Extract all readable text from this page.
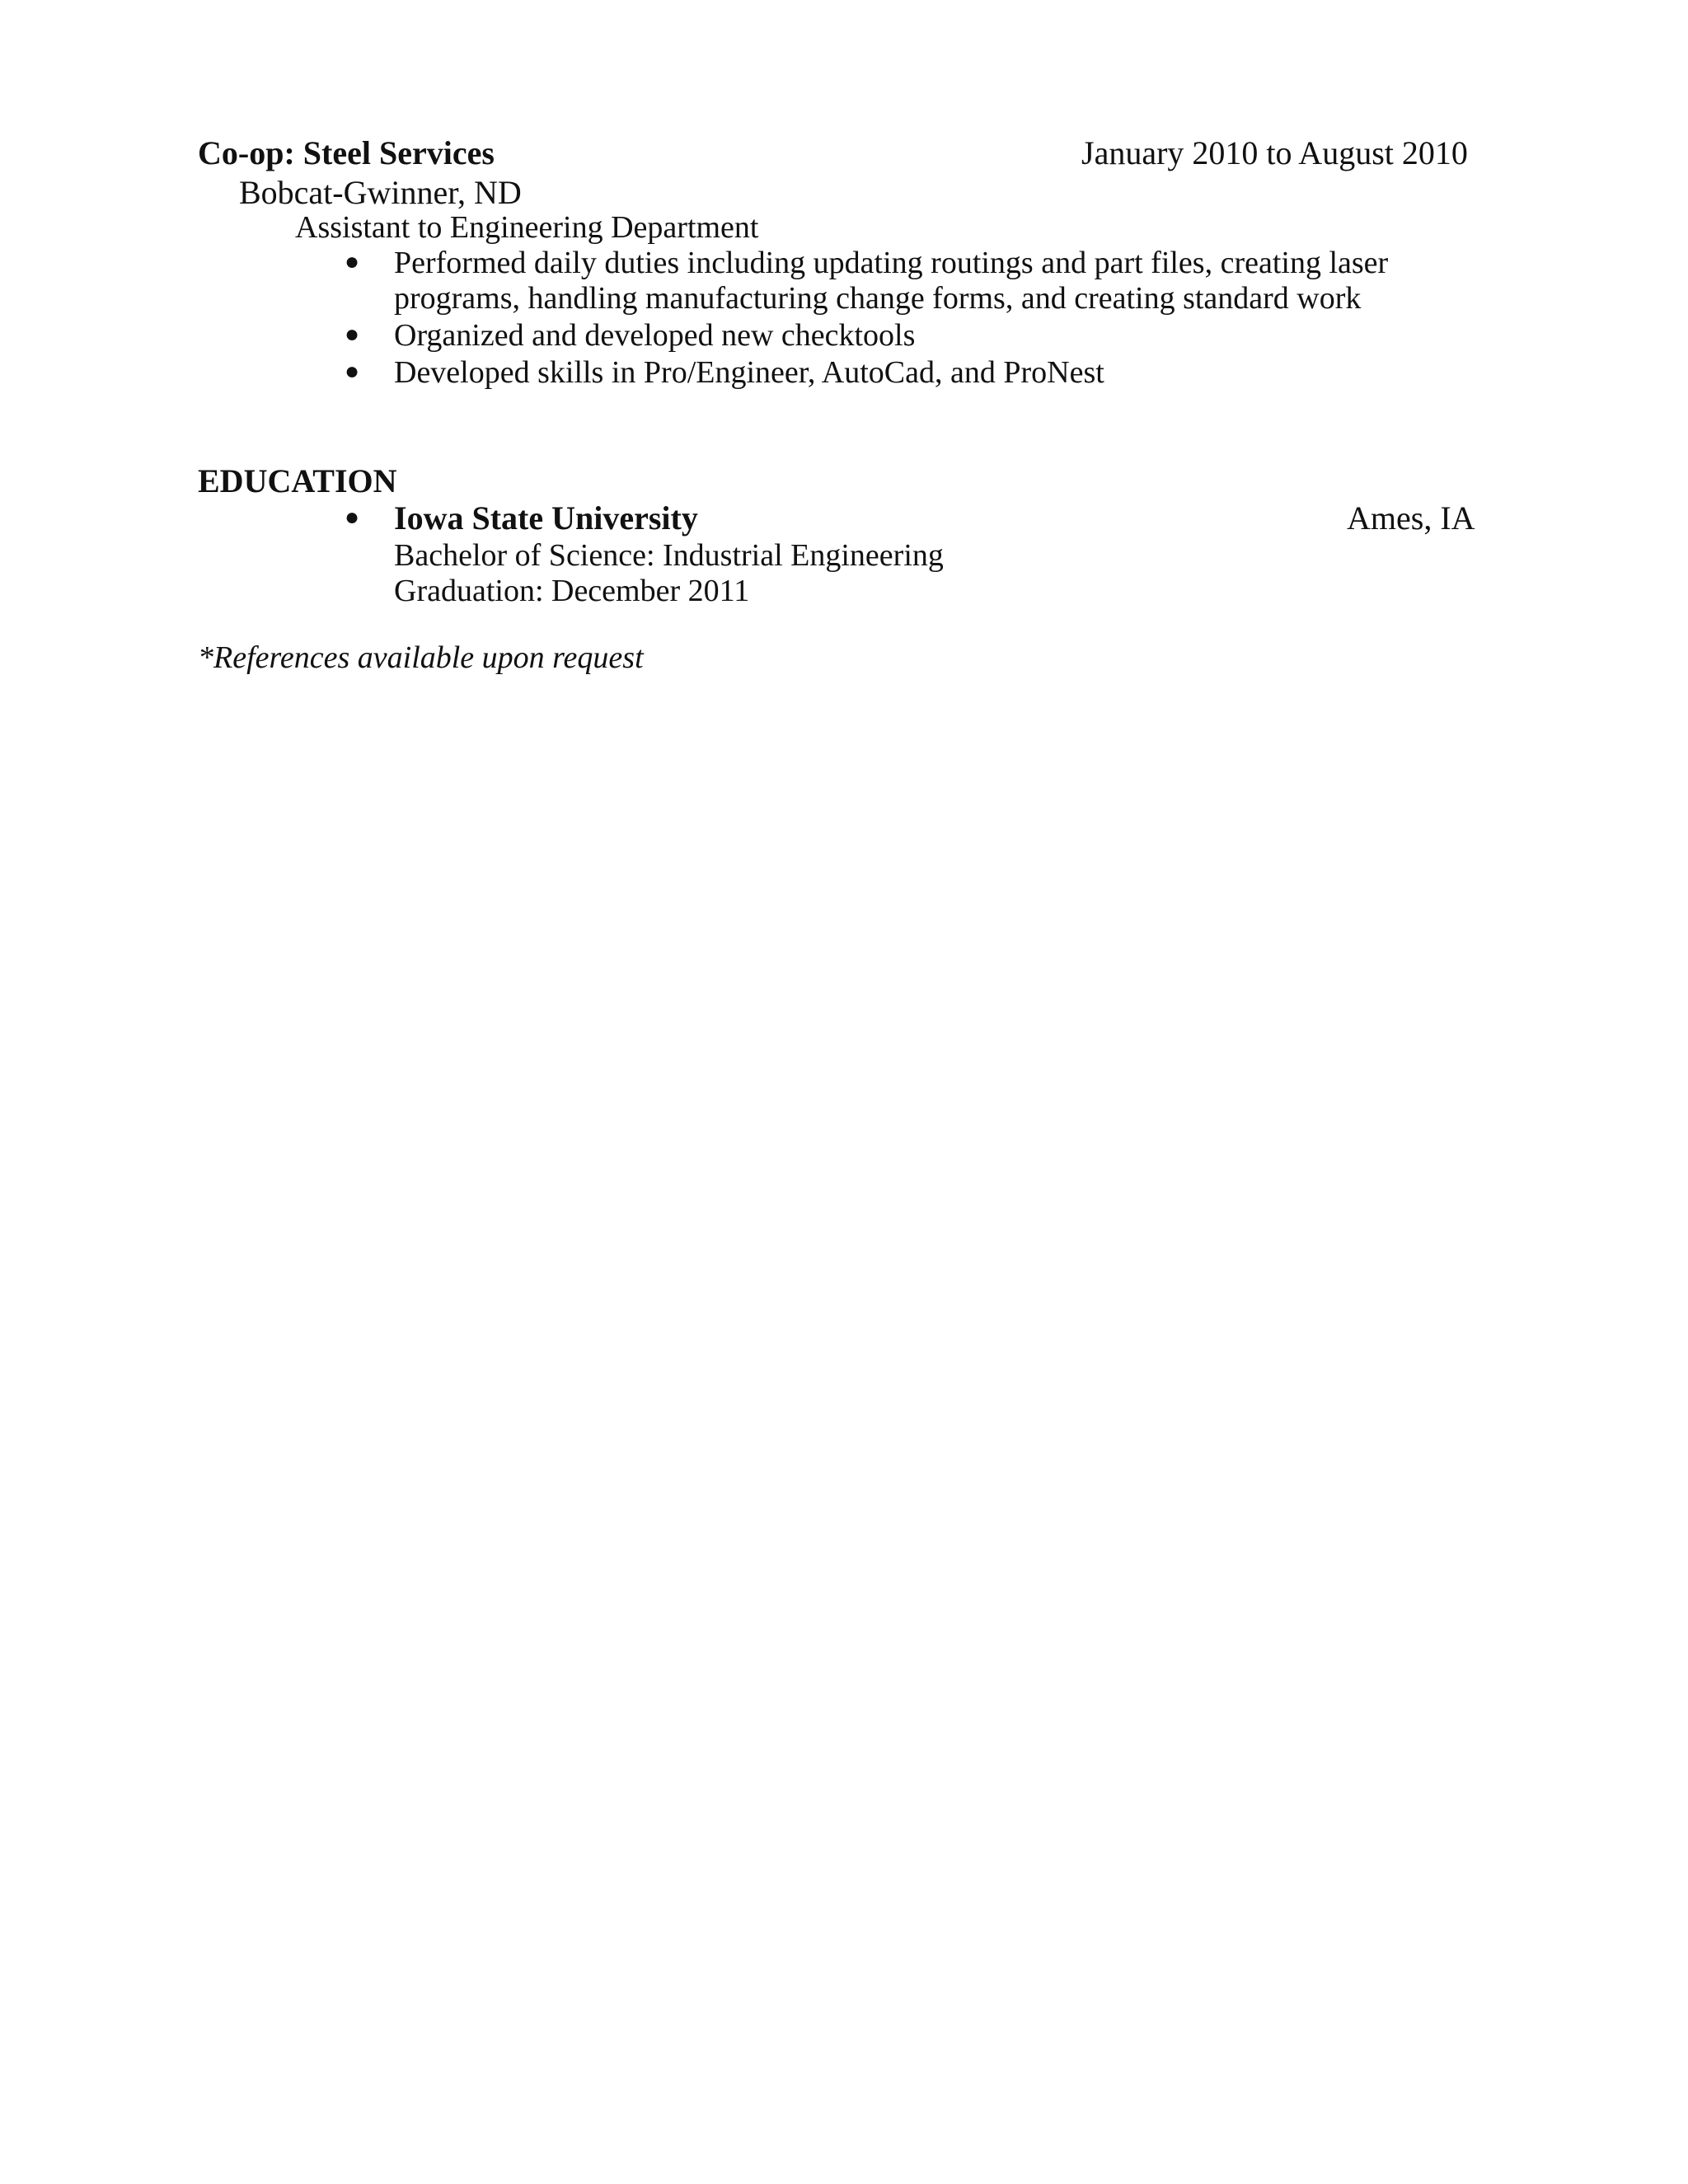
Co-op: Steel Services	January 2010 to August 2010
Bobcat-Gwinner, ND
Assistant to Engineering Department
● Performed daily duties including updating routings and part files, creating laser
programs, handling manufacturing change forms, and creating standard work
● Organized and developed new checktools
● Developed skills in Pro/Engineer, AutoCad, and ProNest
EDUCATION
● Iowa State University	Ames, IA
Bachelor of Science: Industrial Engineering
Graduation: December 2011
*References available upon request
